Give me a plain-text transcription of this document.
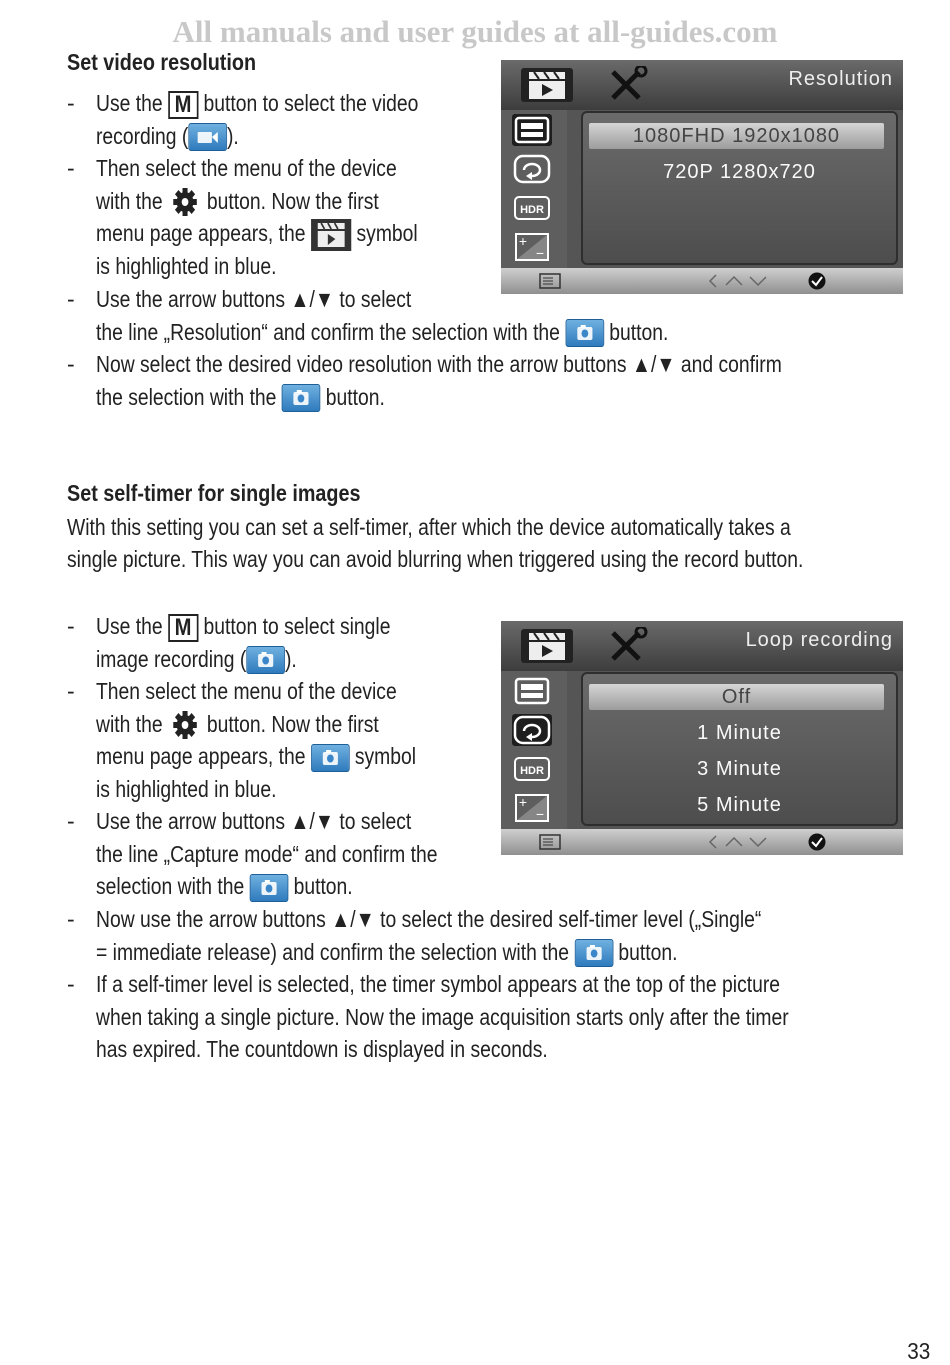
All manuals and user guides at all-guides.com
Set video resolution
- Use the M button to select the video
recording ( ).
- Then select the menu of the device
with the  button. Now the first
menu page appears, the  symbol
is highlighted in blue.
- Use the arrow buttons ▲/▼ to select
the line „Resolution“ and confirm the selection with the
button.
- Now select the desired video resolution with the arrow buttons ▲/▼ and confirm
the selection with the
button.
Resolution
HDR
+
−
1080FHD 1920x1080
720P 1280x720
Set self-timer for single images
With this setting you can set a self-timer, after which the device automatically takes a
single picture. This way you can avoid blurring when triggered using the record button.
- Use the M button to select single
image recording ( ).
- Then select the menu of the device
with the  button. Now the first
menu page appears, the
symbol
is highlighted in blue.
- Use the arrow buttons ▲/▼ to select
the line „Capture mode“ and confirm the
selection with the
button.
- Now use the arrow buttons ▲/▼ to select the desired self-timer level („Single“
= immediate release) and confirm the selection with the
button.
- If a self-timer level is selected, the timer symbol appears at the top of the picture
when taking a single picture. Now the image acquisition starts only after the timer
has expired. The countdown is displayed in seconds.
Loop recording
HDR
+
−
Off
1 Minute
3 Minute
5 Minute
33
